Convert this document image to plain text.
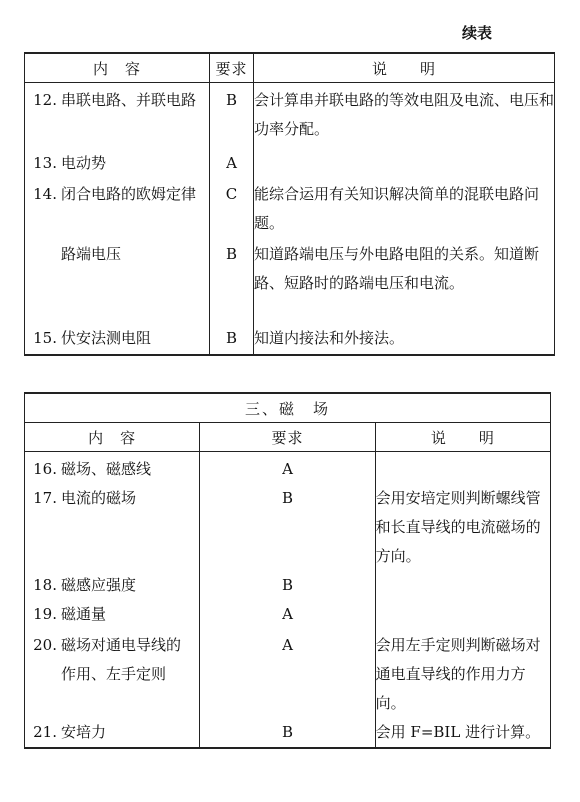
续表
内　容	要求	说　　明

12. 串联电路、并联电路	B	会计算串并联电路的等效电阻及电流、电压和功率分配。

13. 电动势	A	

14. 闭合电路的欧姆定律	C	能综合运用有关知识解决简单的混联电路问题。

路端电压	B	知道路端电压与外电路电阻的关系。知道断路、短路时的路端电压和电流。

15. 伏安法测电阻	B	知道内接法和外接法。
三、磁　场		
内　容	要求	说　　明

16. 磁场、磁感线	A	

17. 电流的磁场	B	会用安培定则判断螺线管和长直导线的电流磁场的方向。

18. 磁感应强度	B	

19. 磁通量	A	

20. 磁场对通电导线的作用、左手定则	A	会用左手定则判断磁场对通电直导线的作用力方向。

21. 安培力	B	会用 F=BIL 进行计算。
